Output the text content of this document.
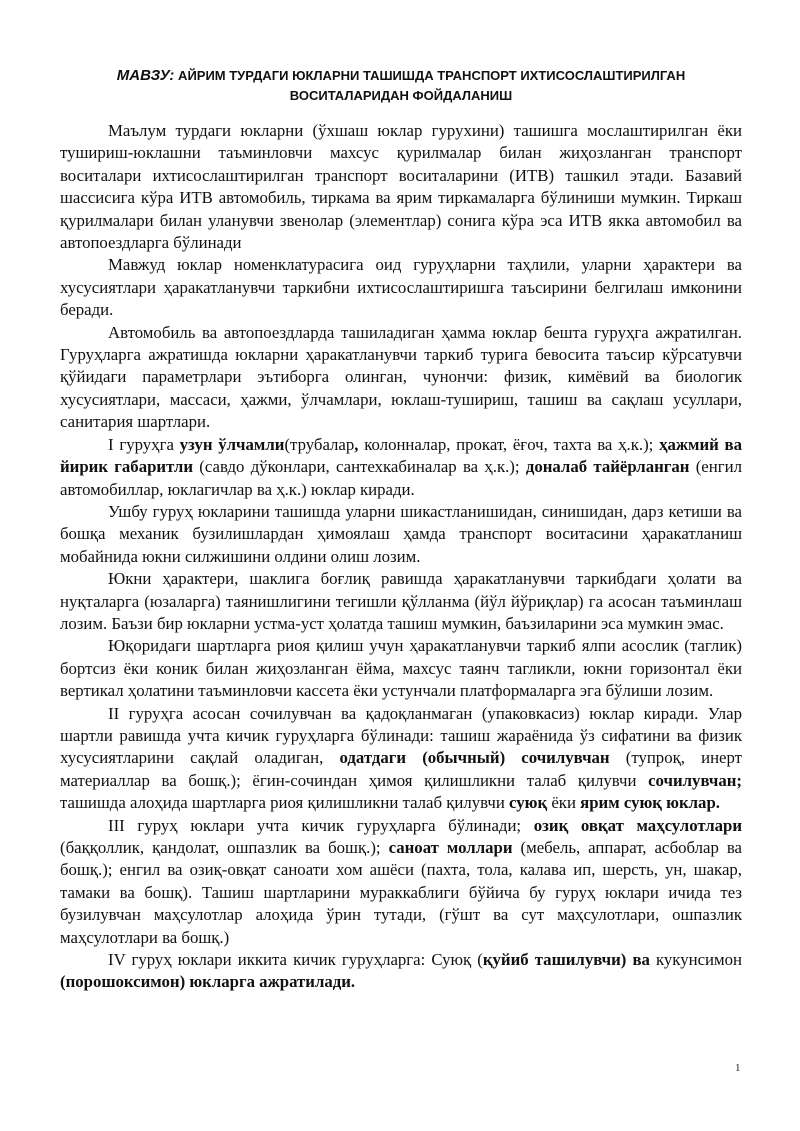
МАВЗУ: АЙРИМ ТУРДАГИ ЮКЛАРНИ ТАШИШДА ТРАНСПОРТ ИХТИСОСЛАШТИРИЛГАН
ВОСИТАЛАРИДАН ФОЙДАЛАНИШ

Маълум турдаги юкларни (ўхшаш юклар гурухини) ташишга мослаштирилган ёки тушириш-юклашни таъминловчи махсус қурилмалар билан жиҳозланган транспорт воситалари ихтисослаштирилган транспорт воситаларини (ИТВ) ташкил этади. Базавий шассисига кўра ИТВ автомобиль, тиркама ва ярим тиркамаларга бўлиниши мумкин. Тиркаш қурилмалари билан уланувчи звенолар (элементлар) сонига кўра эса ИТВ якка автомобил ва автопоездларга бўлинади

Мавжуд юклар номенклатурасига оид гуруҳларни таҳлили, уларни ҳарактери ва хусусиятлари ҳаракатланувчи таркибни ихтисослаштиришга таъсирини белгилаш имконини беради.

Автомобиль ва автопоездларда ташиладиган ҳамма юклар бешта гуруҳга ажратилган. Гуруҳларга ажратишда юкларни ҳаракатланувчи таркиб турига бевосита таъсир кўрсатувчи қўйидаги параметрлари эътиборга олинган, чунончи: физик, кимёвий ва биологик хусусиятлари, массаси, ҳажми, ўлчамлари, юклаш-тушириш, ташиш ва сақлаш усуллари, санитария шартлари.

I гуруҳга узун ўлчамли(трубалар, колонналар, прокат, ёғоч, тахта ва ҳ.к.); ҳажмий ва йирик габаритли (савдо дўконлари, сантехкабиналар ва ҳ.к.); доналаб тайёрланган (енгил автомобиллар, юклагичлар ва ҳ.к.) юклар киради.

Ушбу гуруҳ юкларини ташишда уларни шикастланишидан, синишидан, дарз кетиши ва бошқа механик бузилишлардан ҳимоялаш ҳамда транспорт воситасини ҳаракатланиш мобайнида юкни силжишини олдини олиш лозим.

Юкни ҳарактери, шаклига боғлиқ равишда ҳаракатланувчи таркибдаги ҳолати ва нуқталарга (юзаларга) таянишлигини тегишли қўлланма (йўл йўриқлар) га асосан таъминлаш лозим. Баъзи бир юкларни устма-уст ҳолатда ташиш мумкин, баъзиларини эса мумкин эмас.

Юқоридаги шартларга риоя қилиш учун ҳаракатланувчи таркиб ялпи асослик (таглик) бортсиз ёки коник билан жиҳозланган ёйма, махсус таянч тагликли, юкни горизонтал ёки вертикал ҳолатини таъминловчи кассета ёки устунчали платформаларга эга бўлиши лозим.

II гуруҳга асосан сочилувчан ва қадоқланмаган (упаковкасиз) юклар киради. Улар шартли равишда учта кичик гуруҳларга бўлинади: ташиш жараёнида ўз сифатини ва физик хусусиятларини сақлай оладиган, одатдаги (обычный) сочилувчан (тупроқ, инерт материаллар ва бошқ.); ёгин-сочиндан ҳимоя қилишликни талаб қилувчи сочилувчан; ташишда алоҳида шартларга риоя қилишликни талаб қилувчи суюқ ёки ярим суюқ юклар.

III гуруҳ юклари учта кичик гуруҳларга бўлинади; озиқ овқат маҳсулотлари (баққоллик, қандолат, ошпазлик ва бошқ.); саноат моллари (мебель, аппарат, асбоблар ва бошқ.); енгил ва озиқ-овқат саноати хом ашёси (пахта, тола, калава ип, шерсть, ун, шакар, тамаки ва бошқ). Ташиш шартларини мураккаблиги бўйича бу гуруҳ юклари ичида тез бузилувчан маҳсулотлар алоҳида ўрин тутади, (гўшт ва сут маҳсулотлари, ошпазлик маҳсулотлари ва бошқ.)

IV гуруҳ юклари иккита кичик гуруҳларга: Суюқ (қуйиб ташилувчи) ва кукунсимон (порошоксимон) юкларга ажратилади.

1
